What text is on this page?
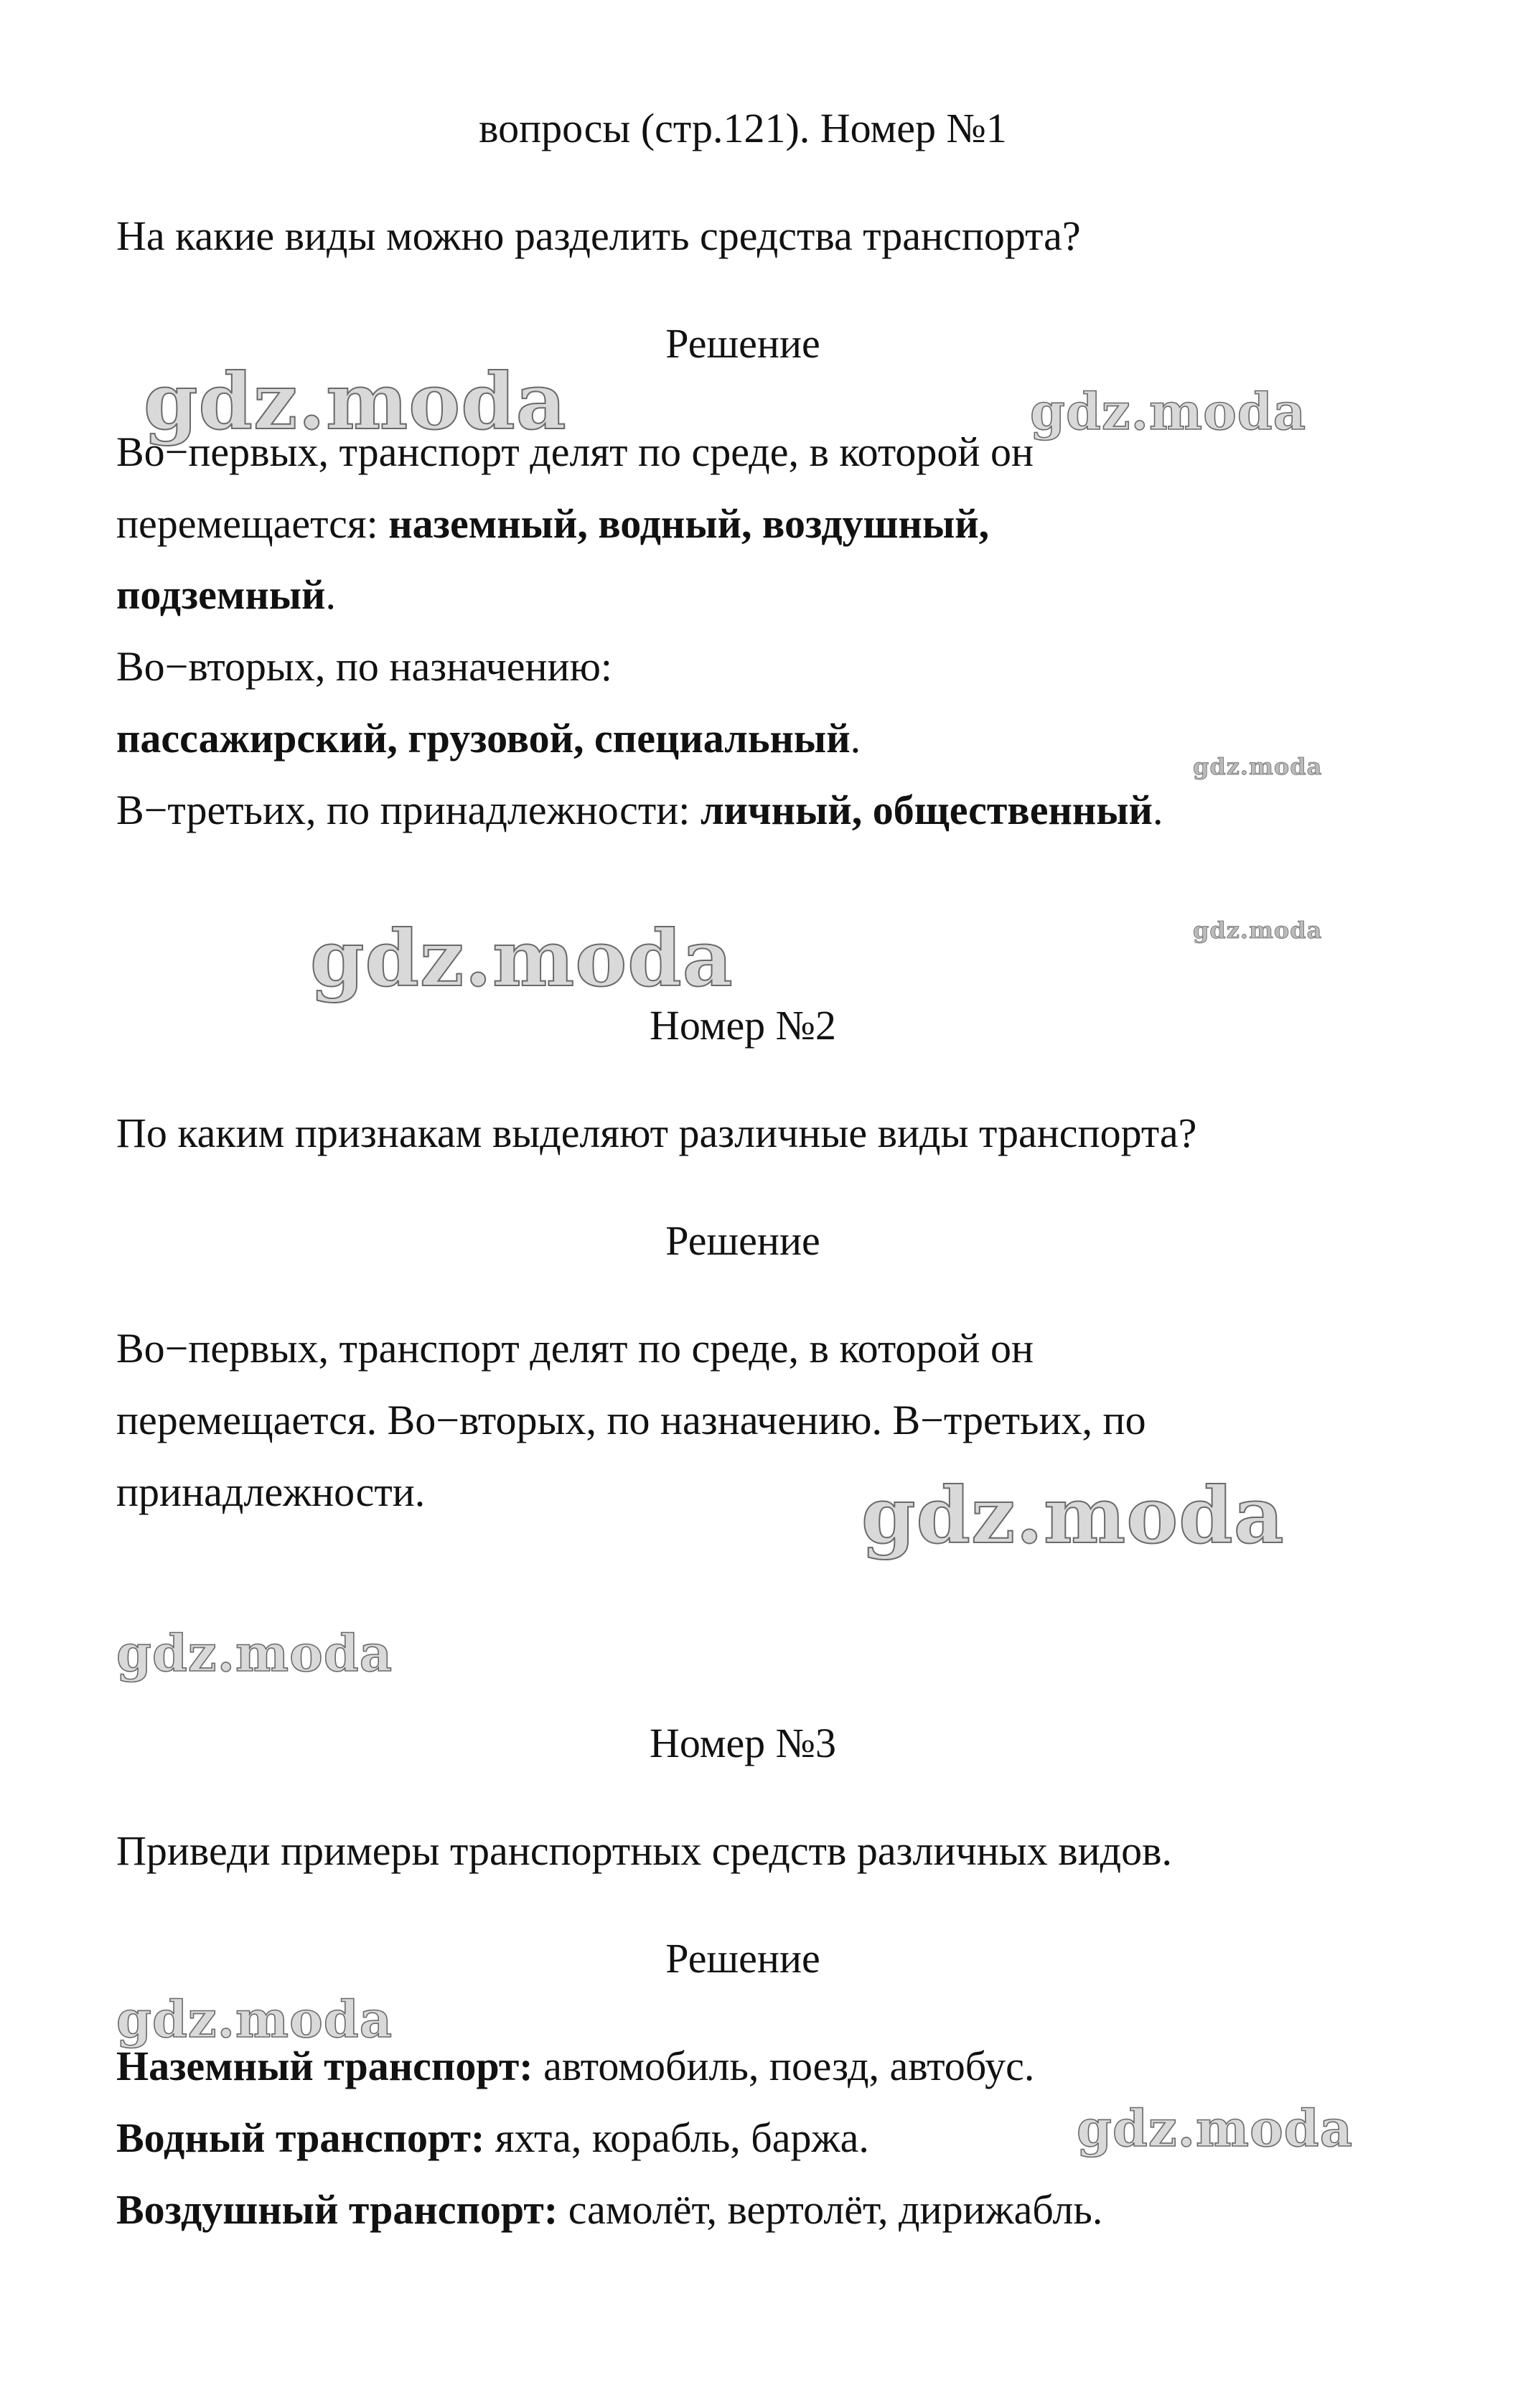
вопросы (стр.121). Номер №1
На какие виды можно разделить средства транспорта?
Решение
Во−первых, транспорт делят по среде, в которой он
перемещается: наземный, водный, воздушный,
подземный.
Во−вторых, по назначению:
пассажирский, грузовой, специальный.
В−третьих, по принадлежности: личный, общественный.
Номер №2
По каким признакам выделяют различные виды транспорта?
Решение
Во−первых, транспорт делят по среде, в которой он
перемещается. Во−вторых, по назначению. В−третьих, по
принадлежности.
Номер №3
Приведи примеры транспортных средств различных видов.
Решение
Наземный транспорт: автомобиль, поезд, автобус.
Водный транспорт: яхта, корабль, баржа.
Воздушный транспорт: самолёт, вертолёт, дирижабль.
gdz.moda	gdz.moda
gdz.moda
gdz.moda
gdz.moda
gdz.moda
gdz.moda
gdz.moda
gdz.moda
